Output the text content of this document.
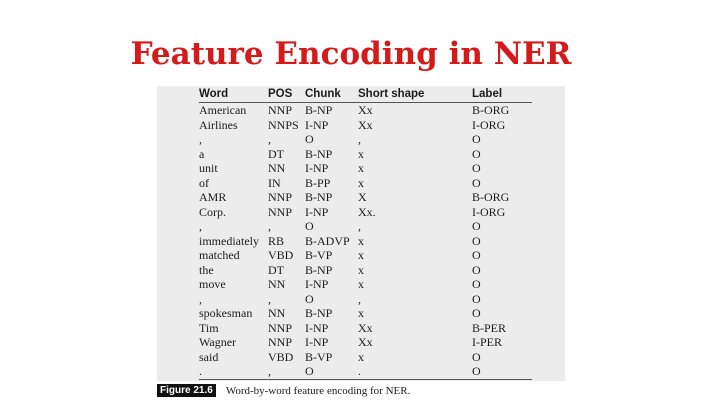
Feature Encoding in NER
Word	POS	Chunk	Short shape	Label
American	NNP	B-NP	Xx	B-ORG
Airlines	NNPS	I-NP	Xx	I-ORG
,	,	O	,	O
a	DT	B-NP	x	O
unit	NN	I-NP	x	O
of	IN	B-PP	x	O
AMR	NNP	B-NP	X	B-ORG
Corp.	NNP	I-NP	Xx.	I-ORG
,	,	O	,	O
immediately	RB	B-ADVP	x	O
matched	VBD	B-VP	x	O
the	DT	B-NP	x	O
move	NN	I-NP	x	O
,	,	O	,	O
spokesman	NN	B-NP	x	O
Tim	NNP	I-NP	Xx	B-PER
Wagner	NNP	I-NP	Xx	I-PER
said	VBD	B-VP	x	O
.	,	O	.	O
Figure 21.6 Word-by-word feature encoding for NER.
